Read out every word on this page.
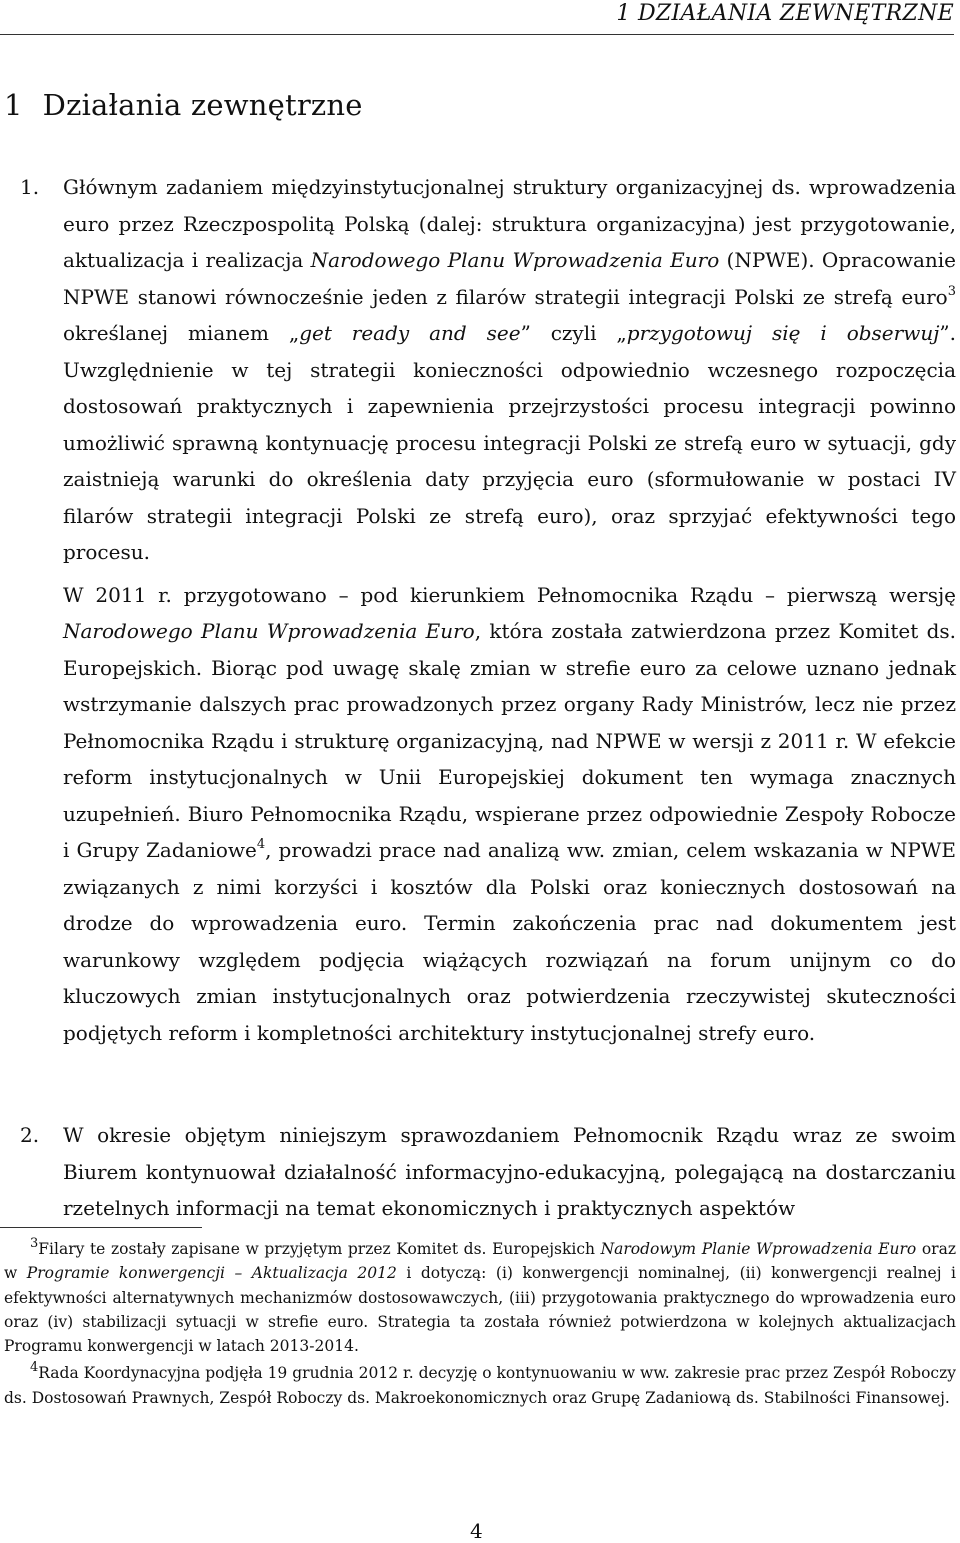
1 DZIAŁANIA ZEWNĘTRZNE
1 Działania zewnętrzne
1. Głównym zadaniem międzyinstytucjonalnej struktury organizacyjnej ds. wprowadzenia euro przez Rzeczpospolitą Polską (dalej: struktura organizacyjna) jest przygotowanie, aktualizacja i realizacja Narodowego Planu Wprowadzenia Euro (NPWE). Opracowanie NPWE stanowi równocześnie jeden z filarów strategii integracji Polski ze strefą euro$^3$ określanej mianem „get ready and see” czyli „przygotowuj się i obserwuj”. Uwzględnienie w tej strategii konieczności odpowiednio wczesnego rozpoczęcia dostosowań praktycznych i zapewnienia przejrzystości procesu integracji powinno umożliwić sprawną kontynuację procesu integracji Polski ze strefą euro w sytuacji, gdy zaistnieją warunki do określenia daty przyjęcia euro (sformułowanie w postaci IV filarów strategii integracji Polski ze strefą euro), oraz sprzyjać efektywności tego procesu.

W 2011 r. przygotowano – pod kierunkiem Pełnomocnika Rządu – pierwszą wersję Narodowego Planu Wprowadzenia Euro, która została zatwierdzona przez Komitet ds. Europejskich. Biorąc pod uwagę skalę zmian w strefie euro za celowe uznano jednak wstrzymanie dalszych prac prowadzonych przez organy Rady Ministrów, lecz nie przez Pełnomocnika Rządu i strukturę organizacyjną, nad NPWE w wersji z 2011 r. W efekcie reform instytucjonalnych w Unii Europejskiej dokument ten wymaga znacznych uzupełnień. Biuro Pełnomocnika Rządu, wspierane przez odpowiednie Zespoły Robocze i Grupy Zadaniowe$^4$, prowadzi prace nad analizą ww. zmian, celem wskazania w NPWE związanych z nimi korzyści i kosztów dla Polski oraz koniecznych dostosowań na drodze do wprowadzenia euro. Termin zakończenia prac nad dokumentem jest warunkowy względem podjęcia wiążących rozwiązań na forum unijnym co do kluczowych zmian instytucjonalnych oraz potwierdzenia rzeczywistej skuteczności podjętych reform i kompletności architektury instytucjonalnej strefy euro.

2. W okresie objętym niniejszym sprawozdaniem Pełnomocnik Rządu wraz ze swoim Biurem kontynuował działalność informacyjno-edukacyjną, polegającą na dostarczaniu rzetelnych informacji na temat ekonomicznych i praktycznych aspektów

$^3$Filary te zostały zapisane w przyjętym przez Komitet ds. Europejskich Narodowym Planie Wprowadzenia Euro oraz w Programie konwergencji – Aktualizacja 2012 i dotyczą: (i) konwergencji nominalnej, (ii) konwergencji realnej i efektywności alternatywnych mechanizmów dostosowawczych, (iii) przygotowania praktycznego do wprowadzenia euro oraz (iv) stabilizacji sytuacji w strefie euro. Strategia ta została również potwierdzona w kolejnych aktualizacjach Programu konwergencji w latach 2013-2014.

$^4$Rada Koordynacyjna podjęła 19 grudnia 2012 r. decyzję o kontynuowaniu w ww. zakresie prac przez Zespół Roboczy ds. Dostosowań Prawnych, Zespół Roboczy ds. Makroekonomicznych oraz Grupę Zadaniową ds. Stabilności Finansowej.

4
